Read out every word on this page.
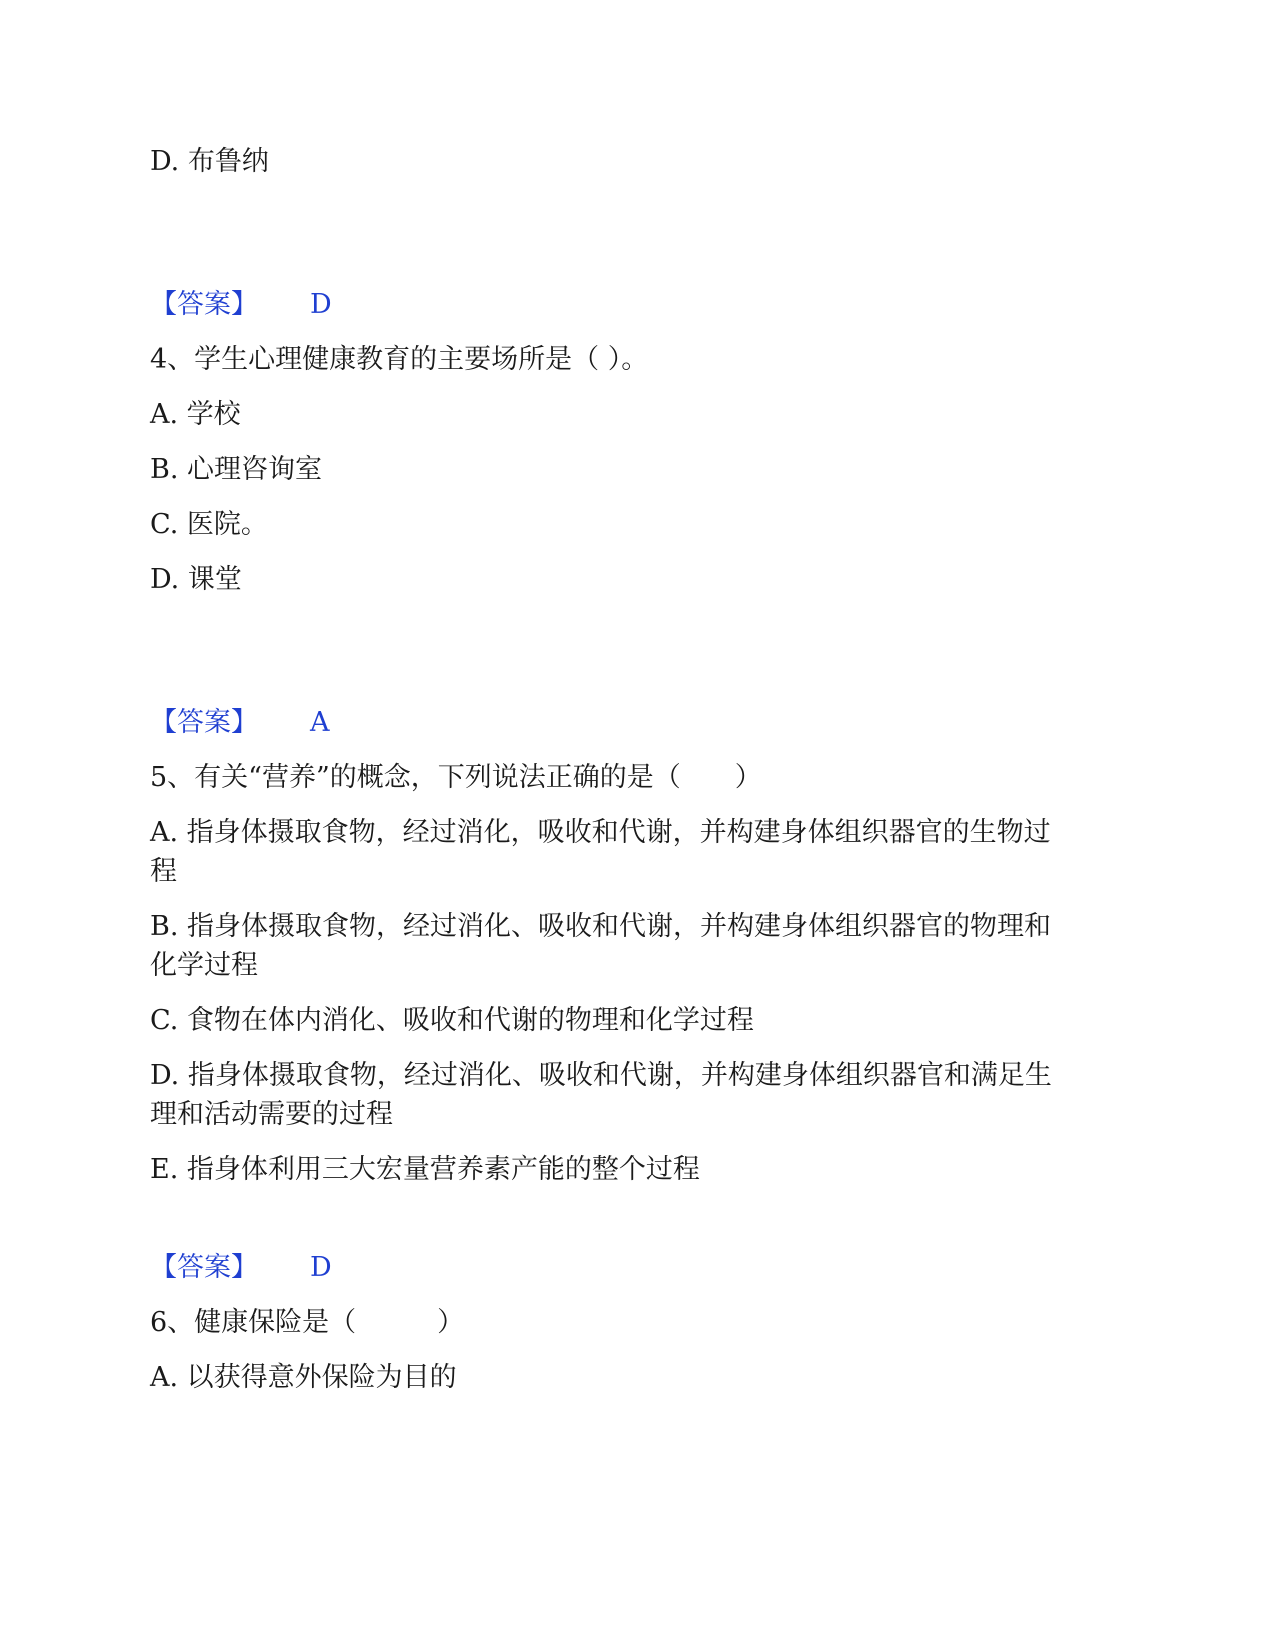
D. 布鲁纳
【答案】 D
4、学生心理健康教育的主要场所是（ ）。
A. 学校
B. 心理咨询室
C. 医院。
D. 课堂
【答案】 A
5、有关“营养”的概念，下列说法正确的是（　　）
A. 指身体摄取食物，经过消化，吸收和代谢，并构建身体组织器官的生物过
程
B. 指身体摄取食物，经过消化、吸收和代谢，并构建身体组织器官的物理和
化学过程
C. 食物在体内消化、吸收和代谢的物理和化学过程
D. 指身体摄取食物，经过消化、吸收和代谢，并构建身体组织器官和满足生
理和活动需要的过程
E. 指身体利用三大宏量营养素产能的整个过程
【答案】 D
6、健康保险是（　　　）
A. 以获得意外保险为目的
